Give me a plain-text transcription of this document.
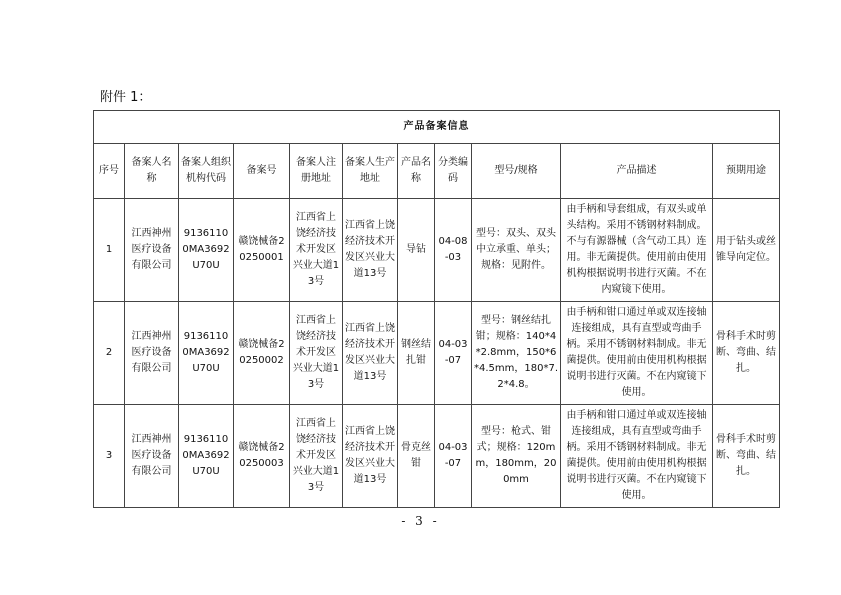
附件 1：
产品备案信息										
序号	备案人名称	备案人组织机构代码	备案号	备案人注册地址	备案人生产地址	产品名称	分类编码	型号/规格	产品描述	预期用途
1	江西神州医疗设备有限公司	91361100MA3692U70U	赣饶械备20250001	江西省上饶经济技术开发区兴业大道13号	江西省上饶经济技术开发区兴业大道13号	导钻	04-08-03	型号：双头、双头中立承重、单头；规格：见附件。	由手柄和导套组成，有双头或单头结构。采用不锈钢材料制成。不与有源器械（含气动工具）连用。非无菌提供。使用前由使用机构根据说明书进行灭菌。不在内窥镜下使用。	用于钻头或丝锥导向定位。
2	江西神州医疗设备有限公司	91361100MA3692U70U	赣饶械备20250002	江西省上饶经济技术开发区兴业大道13号	江西省上饶经济技术开发区兴业大道13号	钢丝结扎钳	04-03-07	型号：钢丝结扎钳；规格：140*4*2.8mm，150*6*4.5mm，180*7.2*4.8。	由手柄和钳口通过单或双连接轴连接组成，具有直型或弯曲手柄。采用不锈钢材料制成。非无菌提供。使用前由使用机构根据说明书进行灭菌。不在内窥镜下使用。	骨科手术时剪断、弯曲、结扎。
3	江西神州医疗设备有限公司	91361100MA3692U70U	赣饶械备20250003	江西省上饶经济技术开发区兴业大道13号	江西省上饶经济技术开发区兴业大道13号	骨克丝钳	04-03-07	型号：枪式、钳式；规格：120mm，180mm，200mm	由手柄和钳口通过单或双连接轴连接组成，具有直型或弯曲手柄。采用不锈钢材料制成。非无菌提供。使用前由使用机构根据说明书进行灭菌。不在内窥镜下使用。	骨科手术时剪断、弯曲、结扎。
- 3 -
